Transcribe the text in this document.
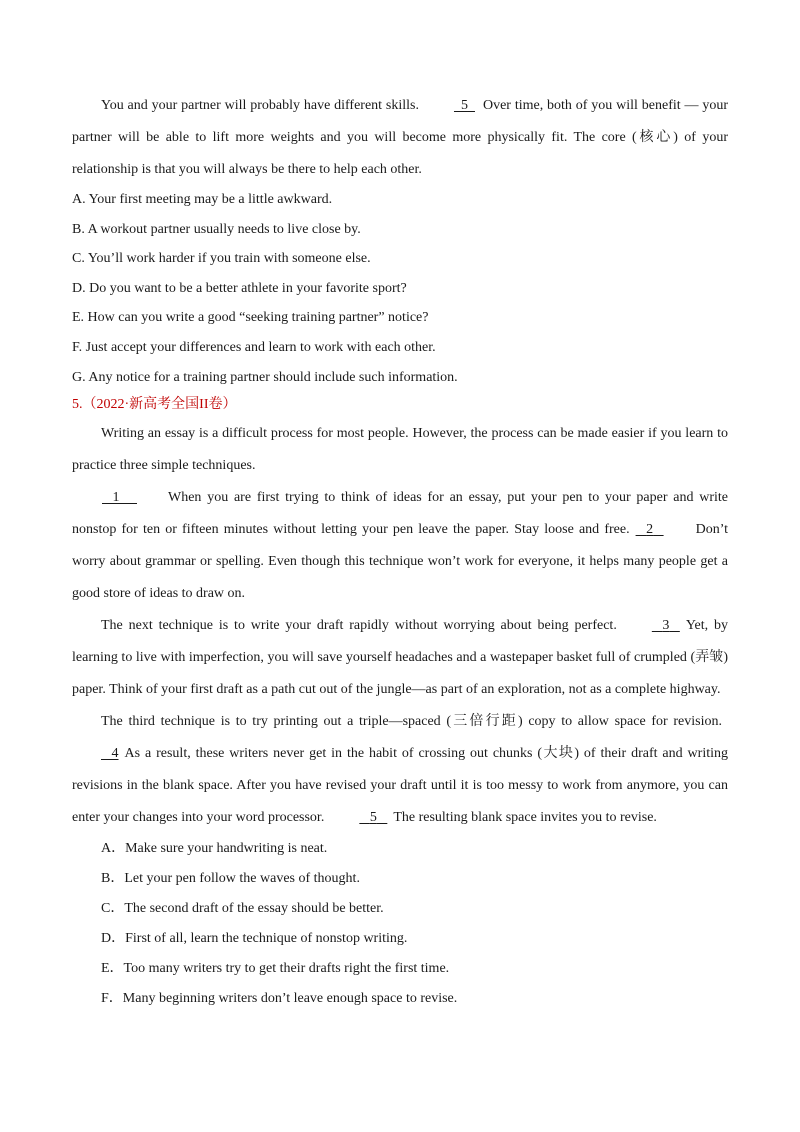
You and your partner will probably have different skills.	5 Over time, both of you will benefit — your partner will be able to lift more weights and you will become more physically fit. The core (核心) of your relationship is that you will always be there to help each other.

A. Your first meeting may be a little awkward.

B. A workout partner usually needs to live close by.

C. You’ll work harder if you train with someone else.

D. Do you want to be a better athlete in your favorite sport?

E. How can you write a good “seeking training partner” notice?

F. Just accept your differences and learn to work with each other.

G. Any notice for a training partner should include such information.

5.（2022·新高考全国II卷）

Writing an essay is a difficult process for most people. However, the process can be made easier if you learn to practice three simple techniques.

1	When you are first trying to think of ideas for an essay, put your pen to your paper and write nonstop for ten or fifteen minutes without letting your pen leave the paper. Stay loose and free. 2	Don’t worry about grammar or spelling. Even though this technique won’t work for everyone, it helps many people get a good store of ideas to draw on.

The next technique is to write your draft rapidly without worrying about being perfect.	3 Yet, by learning to live with imperfection, you will save yourself headaches and a wastepaper basket full of crumpled (弄皱) paper. Think of your first draft as a path cut out of the jungle—as part of an exploration, not as a complete highway.

The third technique is to try printing out a triple—spaced (三倍行距) copy to allow space for revision.   4 As a result, these writers never get in the habit of crossing out chunks (大块) of their draft and writing revisions in the blank space. After you have revised your draft until it is too messy to work from anymore, you can enter your changes into your word processor.	5 The resulting blank space invites you to revise.

A．Make sure your handwriting is neat.

B．Let your pen follow the waves of thought.

C．The second draft of the essay should be better.

D．First of all, learn the technique of nonstop writing.

E．Too many writers try to get their drafts right the first time.

F．Many beginning writers don’t leave enough space to revise.
